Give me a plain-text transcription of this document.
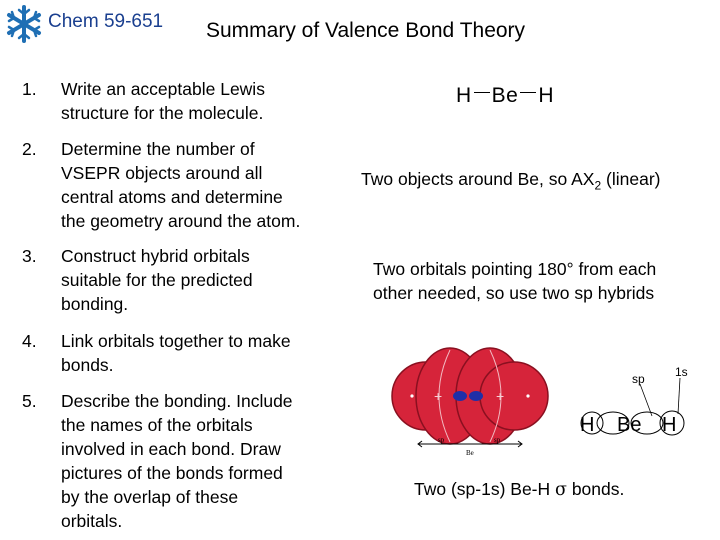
Chem 59-651 Summary of Valence Bond Theory
1. Write an acceptable Lewis
structure for the molecule.
2. Determine the number of
VSEPR objects around all
central atoms and determine
the geometry around the atom.
3. Construct hybrid orbitals
suitable for the predicted
bonding.
4. Link orbitals together to make
bonds.
5. Describe the bonding. Include
the names of the orbitals
involved in each bond. Draw
pictures of the bonds formed
by the overlap of these
orbitals.
H Be H
Two objects around Be, so $AX_2$ (linear)
Two orbitals pointing 180° from each
other needed, so use two sp hybrids
+	+
sp
Be
sp
sp	1s
H Be H
Two (sp-1s) Be-H σ bonds.
